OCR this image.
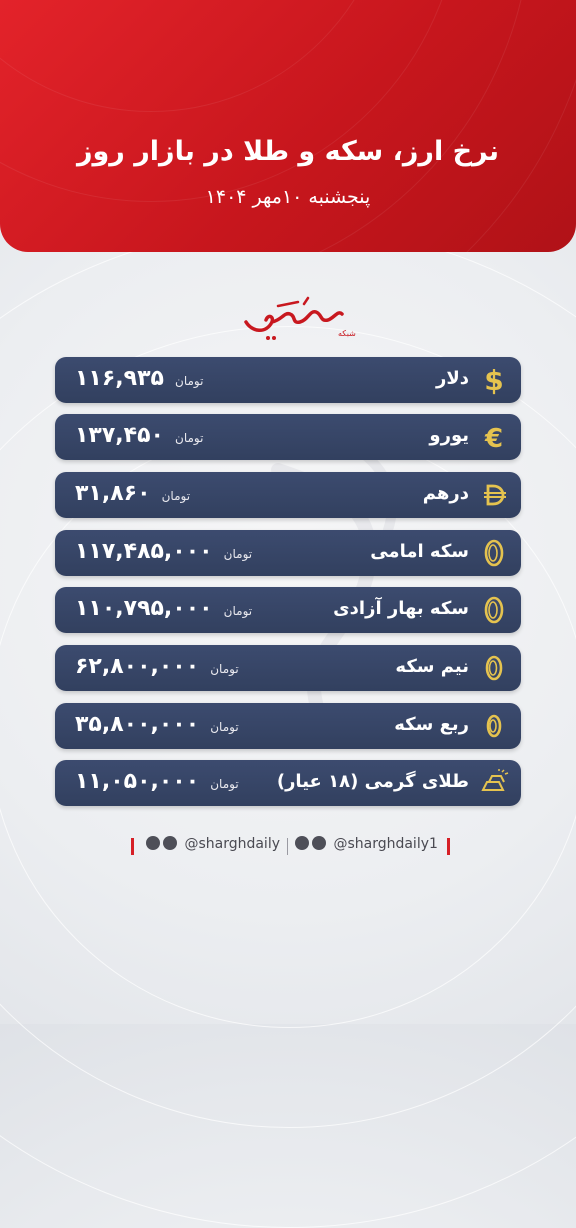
نرخ ارز، سکه و طلا در بازار روز
پنجشنبه ۱۰مهر ۱۴۰۴
شبکه
$
دلار
تومان ۱۱۶,۹۳۵
€
یورو
تومان ۱۳۷,۴۵۰
درهم
تومان ۳۱,۸۶۰
سکه امامی
تومان ۱۱۷,۴۸۵,۰۰۰
سکه بهار آزادی
تومان ۱۱۰,۷۹۵,۰۰۰
نیم سکه
تومان ۶۲,۸۰۰,۰۰۰
ربع سکه
تومان ۳۵,۸۰۰,۰۰۰
طلای گرمی (۱۸ عیار)
تومان ۱۱,۰۵۰,۰۰۰
@sharghdaily	@sharghdaily1
